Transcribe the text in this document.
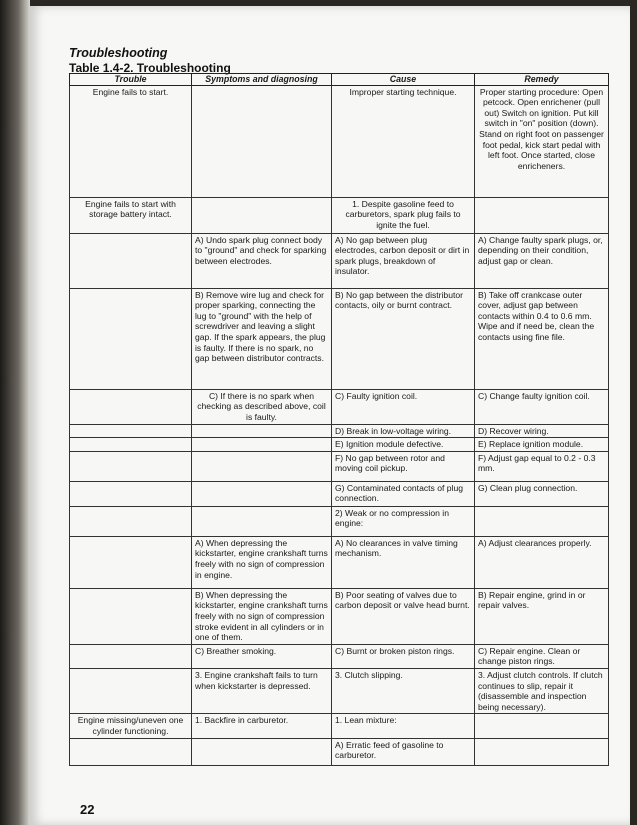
Troubleshooting
Table 1.4-2. Troubleshooting
Trouble	Symptoms and diagnosing	Cause	Remedy
Engine fails to start.		Improper starting technique.	Proper starting procedure: Open petcock. Open enrichener (pull out) Switch on ignition. Put kill switch in "on" position (down). Stand on right foot on passenger foot pedal, kick start pedal with left foot. Once started, close enricheners.
Engine fails to start with storage battery intact.		1. Despite gasoline feed to carburetors, spark plug fails to ignite the fuel.	
	A) Undo spark plug connect body to "ground" and check for sparking between electrodes.	A) No gap between plug electrodes, carbon deposit or dirt in spark plugs, breakdown of insulator.	A) Change faulty spark plugs, or, depending on their condition, adjust gap or clean.
	B) Remove wire lug and check for proper sparking, connecting the lug to "ground" with the help of screwdriver and leaving a slight gap. If the spark appears, the plug is faulty. If there is no spark, no gap between distributor contracts.	B) No gap between the distributor contacts, oily or burnt contract.	B) Take off crankcase outer cover, adjust gap between contacts within 0.4 to 0.6 mm. Wipe and if need be, clean the contacts using fine file.
	C) If there is no spark when checking as described above, coil is faulty.	C) Faulty ignition coil.	C) Change faulty ignition coil.
		D) Break in low-voltage wiring.	D) Recover wiring.
		E) Ignition module defective.	E) Replace ignition module.
		F) No gap between rotor and moving coil pickup.	F) Adjust gap equal to 0.2 - 0.3 mm.
		G) Contaminated contacts of plug connection.	G) Clean plug connection.
		2) Weak or no compression in engine:	
	A) When depressing the kickstarter, engine crankshaft turns freely with no sign of compression in engine.	A) No clearances in valve timing mechanism.	A) Adjust clearances properly.
	B) When depressing the kickstarter, engine crankshaft turns freely with no sign of compression stroke evident in all cylinders or in one of them.	B) Poor seating of valves due to carbon deposit or valve head burnt.	B) Repair engine, grind in or repair valves.
	C) Breather smoking.	C) Burnt or broken piston rings.	C) Repair engine. Clean or change piston rings.
	3. Engine crankshaft fails to turn when kickstarter is depressed.	3. Clutch slipping.	3. Adjust clutch controls. If clutch continues to slip, repair it (disassemble and inspection being necessary).
Engine missing/uneven one cylinder functioning.	1. Backfire in carburetor.	1. Lean mixture:	
		A) Erratic feed of gasoline to carburetor.	
22
